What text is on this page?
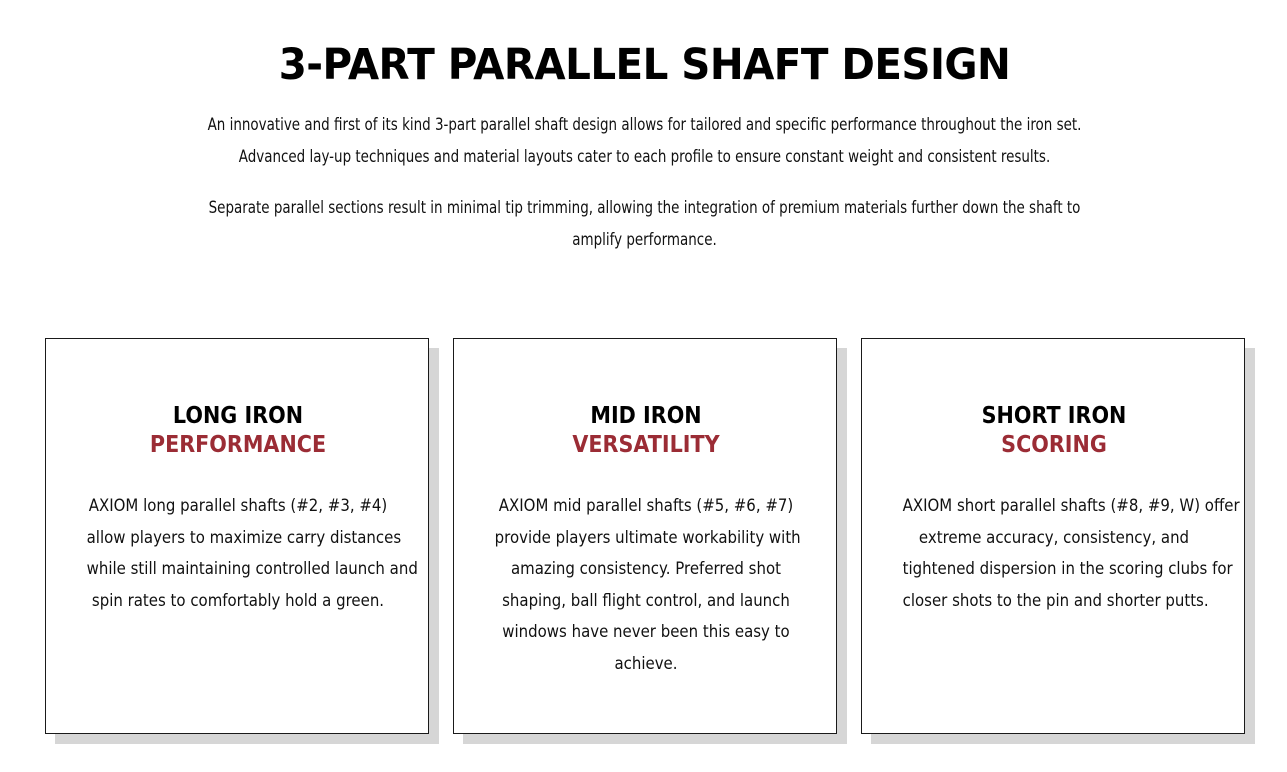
3-PART PARALLEL SHAFT DESIGN

An innovative and first of its kind 3-part parallel shaft design allows for tailored and specific performance throughout the iron set.
Advanced lay-up techniques and material layouts cater to each profile to ensure constant weight and consistent results.

Separate parallel sections result in minimal tip trimming, allowing the integration of premium materials further down the shaft to
amplify performance.

LONG IRON
PERFORMANCE

AXIOM long parallel shafts (#2, #3, #4)
allow players to maximize carry distances
while still maintaining controlled launch and
spin rates to comfortably hold a green.

MID IRON
VERSATILITY

AXIOM mid parallel shafts (#5, #6, #7)
provide players ultimate workability with
amazing consistency. Preferred shot
shaping, ball flight control, and launch
windows have never been this easy to
achieve.

SHORT IRON
SCORING

AXIOM short parallel shafts (#8, #9, W) offer
extreme accuracy, consistency, and
tightened dispersion in the scoring clubs for
closer shots to the pin and shorter putts.
